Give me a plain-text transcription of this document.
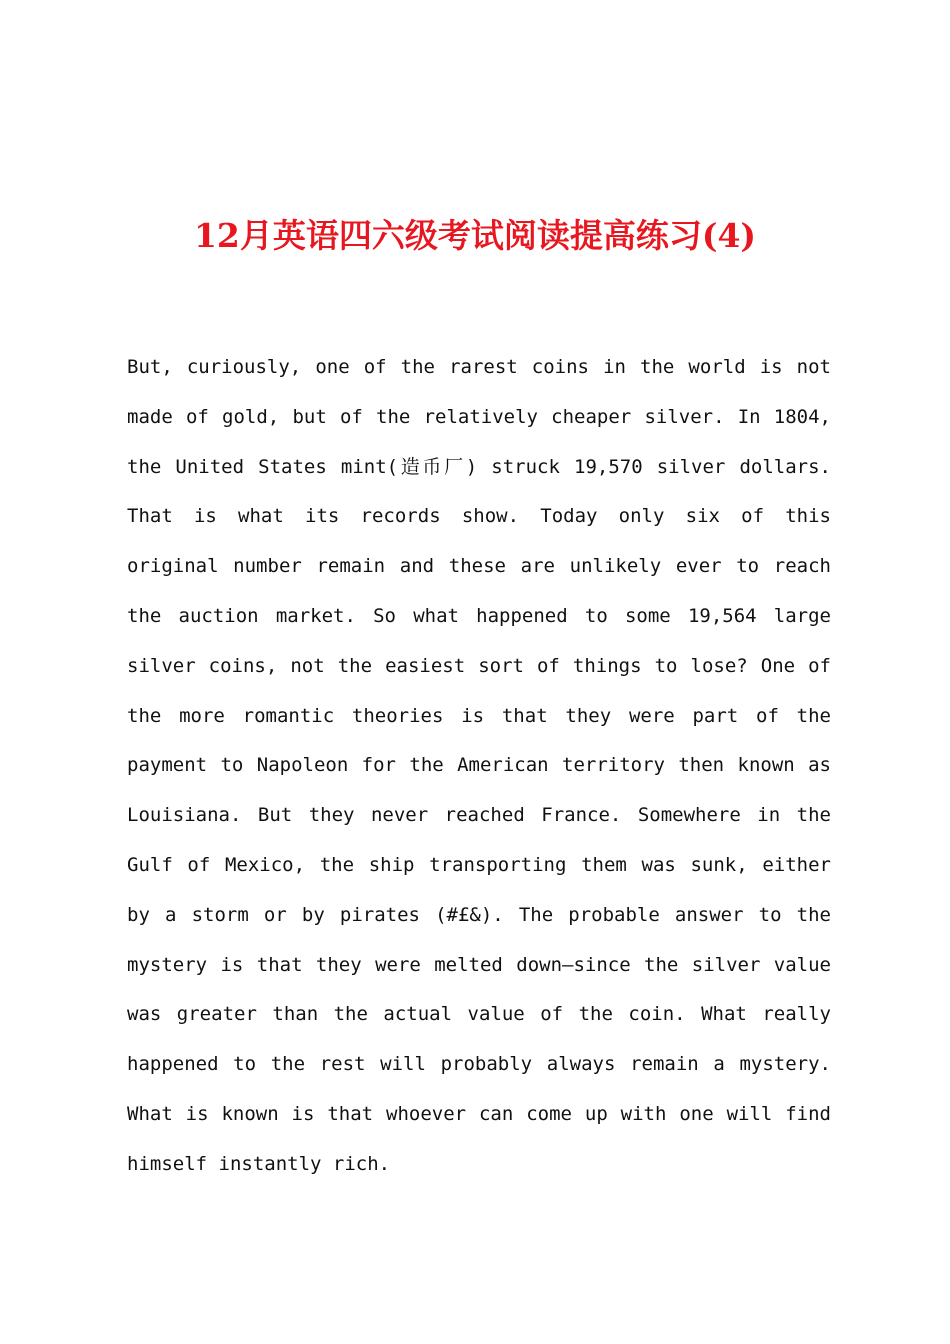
12月英语四六级考试阅读提高练习(4)

But, curiously, one of the rarest coins in the world is not made of gold, but of the relatively cheaper silver. In 1804, the United States mint(造币厂) struck 19,570 silver dollars. That is what its records show. Today only six of this original number remain and these are unlikely ever to reach the auction market. So what happened to some 19,564 large silver coins, not the easiest sort of things to lose? One of the more romantic theories is that they were part of the payment to Napoleon for the American territory then known as Louisiana. But they never reached France. Somewhere in the Gulf of Mexico, the ship transporting them was sunk, either by a storm or by pirates (#£&). The probable answer to the mystery is that they were melted down—since the silver value was greater than the actual value of the coin. What really happened to the rest will probably always remain a mystery. What is known is that whoever can come up with one will find himself instantly rich.
